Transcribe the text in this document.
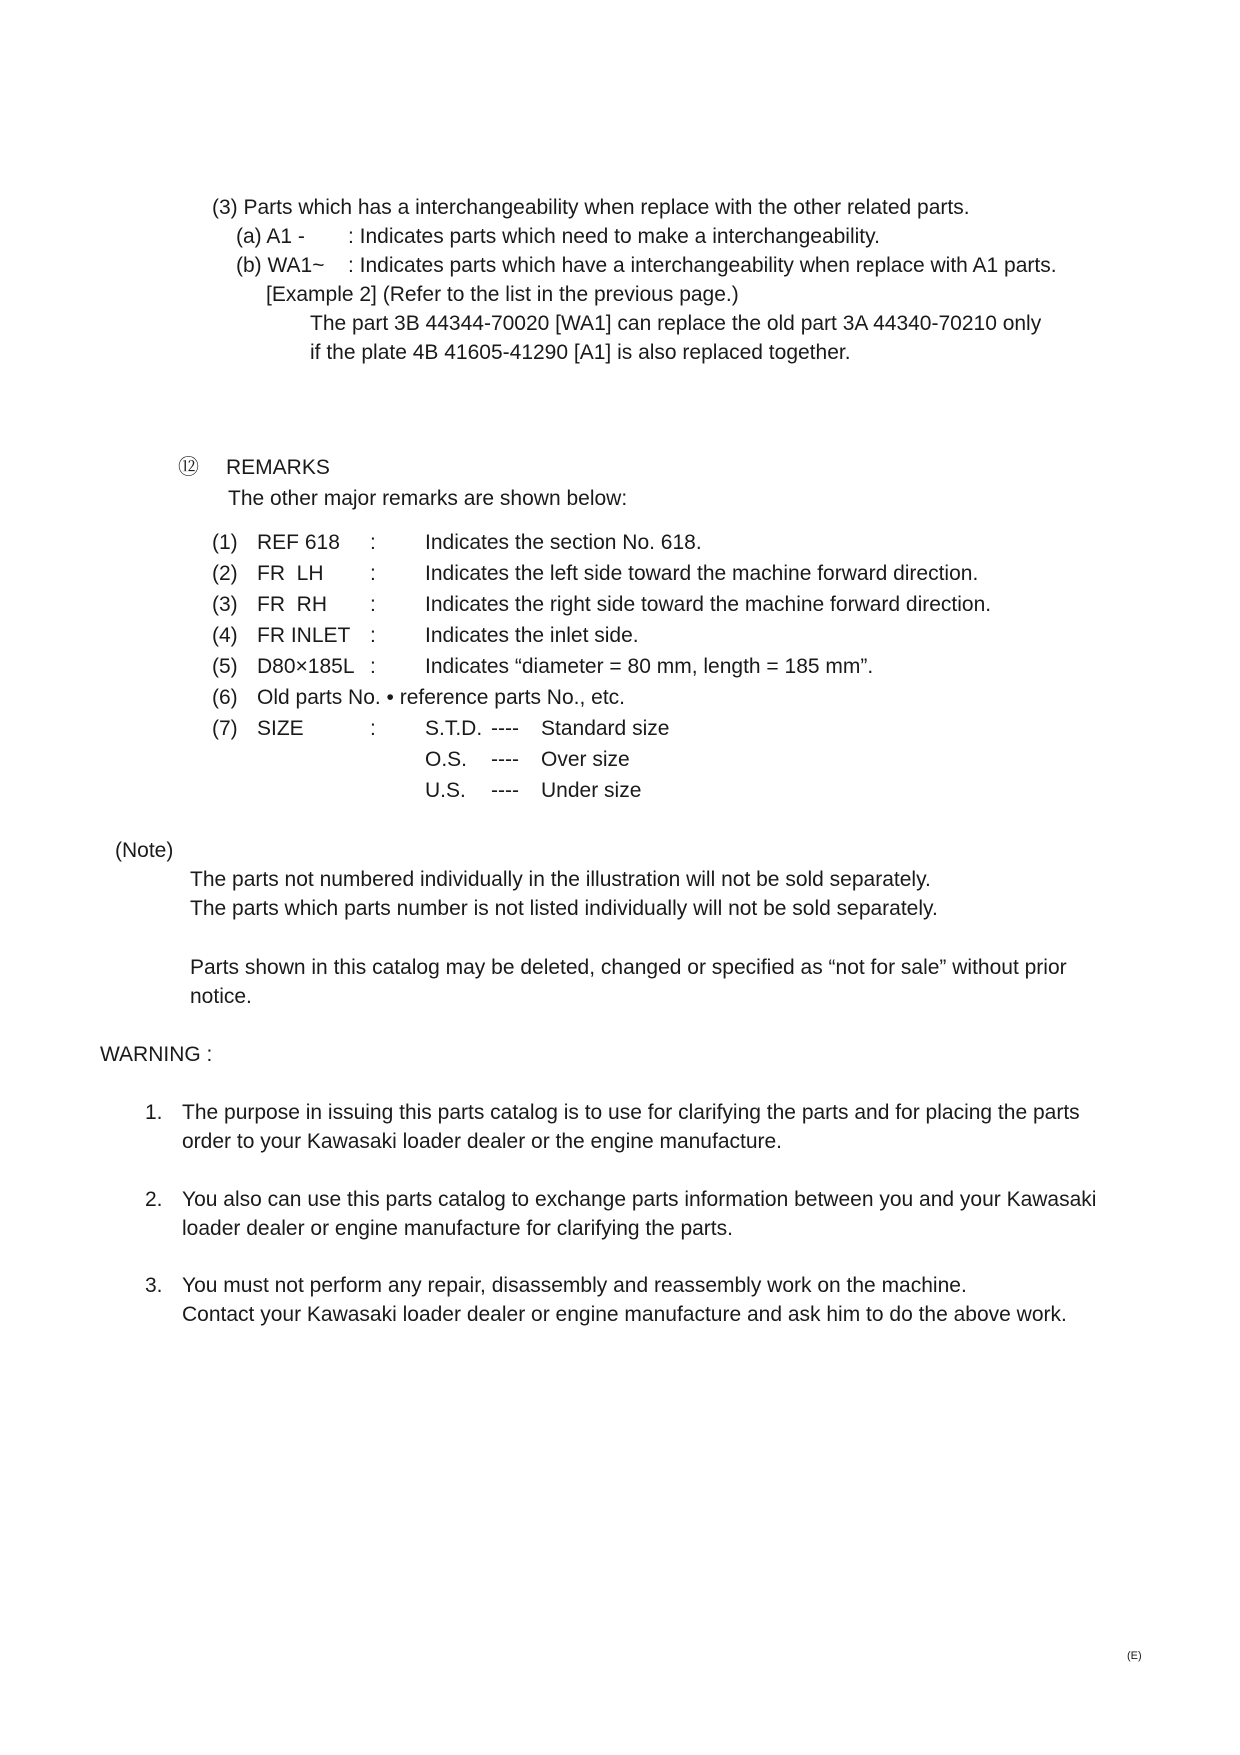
(3) Parts which has a interchangeability when replace with the other related parts.
(a) A1 - : Indicates parts which need to make a interchangeability.
(b) WA1~ : Indicates parts which have a interchangeability when replace with A1 parts.
[Example 2] (Refer to the list in the previous page.)
The part 3B 44344-70020 [WA1] can replace the old part 3A 44340-70210 only
if the plate 4B 41605-41290 [A1] is also replaced together.
⑫ REMARKS
The other major remarks are shown below:
(1) REF 618 : Indicates the section No. 618.
(2) FR  LH : Indicates the left side toward the machine forward direction.
(3) FR  RH : Indicates the right side toward the machine forward direction.
(4) FR INLET : Indicates the inlet side.
(5) D80×185L : Indicates “diameter = 80 mm, length = 185 mm”.
(6) Old parts No. • reference parts No., etc.
(7) SIZE	: S.T.D. ---- Standard size
O.S. ---- Over size
U.S. ---- Under size
(Note)
The parts not numbered individually in the illustration will not be sold separately.
The parts which parts number is not listed individually will not be sold separately.
Parts shown in this catalog may be deleted, changed or specified as “not for sale” without prior
notice.
WARNING :
1. The purpose in issuing this parts catalog is to use for clarifying the parts and for placing the parts
order to your Kawasaki loader dealer or the engine manufacture.
2. You also can use this parts catalog to exchange parts information between you and your Kawasaki
loader dealer or engine manufacture for clarifying the parts.
3. You must not perform any repair, disassembly and reassembly work on the machine.
Contact your Kawasaki loader dealer or engine manufacture and ask him to do the above work.
(E)
